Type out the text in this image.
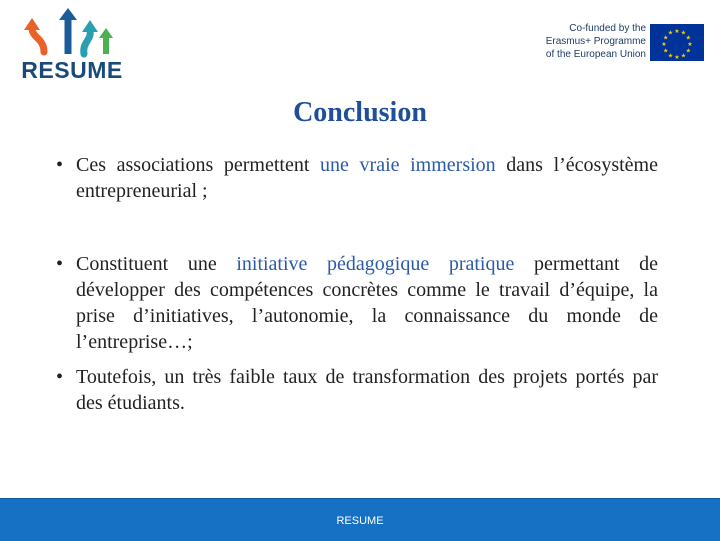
RESUME
Co-funded by the
Erasmus+ Programme
of the European Union
★ ★
★
★
★
★
★
★
★
★
★
★
Conclusion
• Ces associations permettent une vraie immersion dans l’écosystème entrepreneurial ;
• Constituent une initiative pédagogique pratique permettant de développer des compétences concrètes comme le travail d’équipe, la prise d’initiatives, l’autonomie, la connaissance du monde de l’entreprise…;
• Toutefois, un très faible taux de transformation des projets portés par des étudiants.
RESUME
